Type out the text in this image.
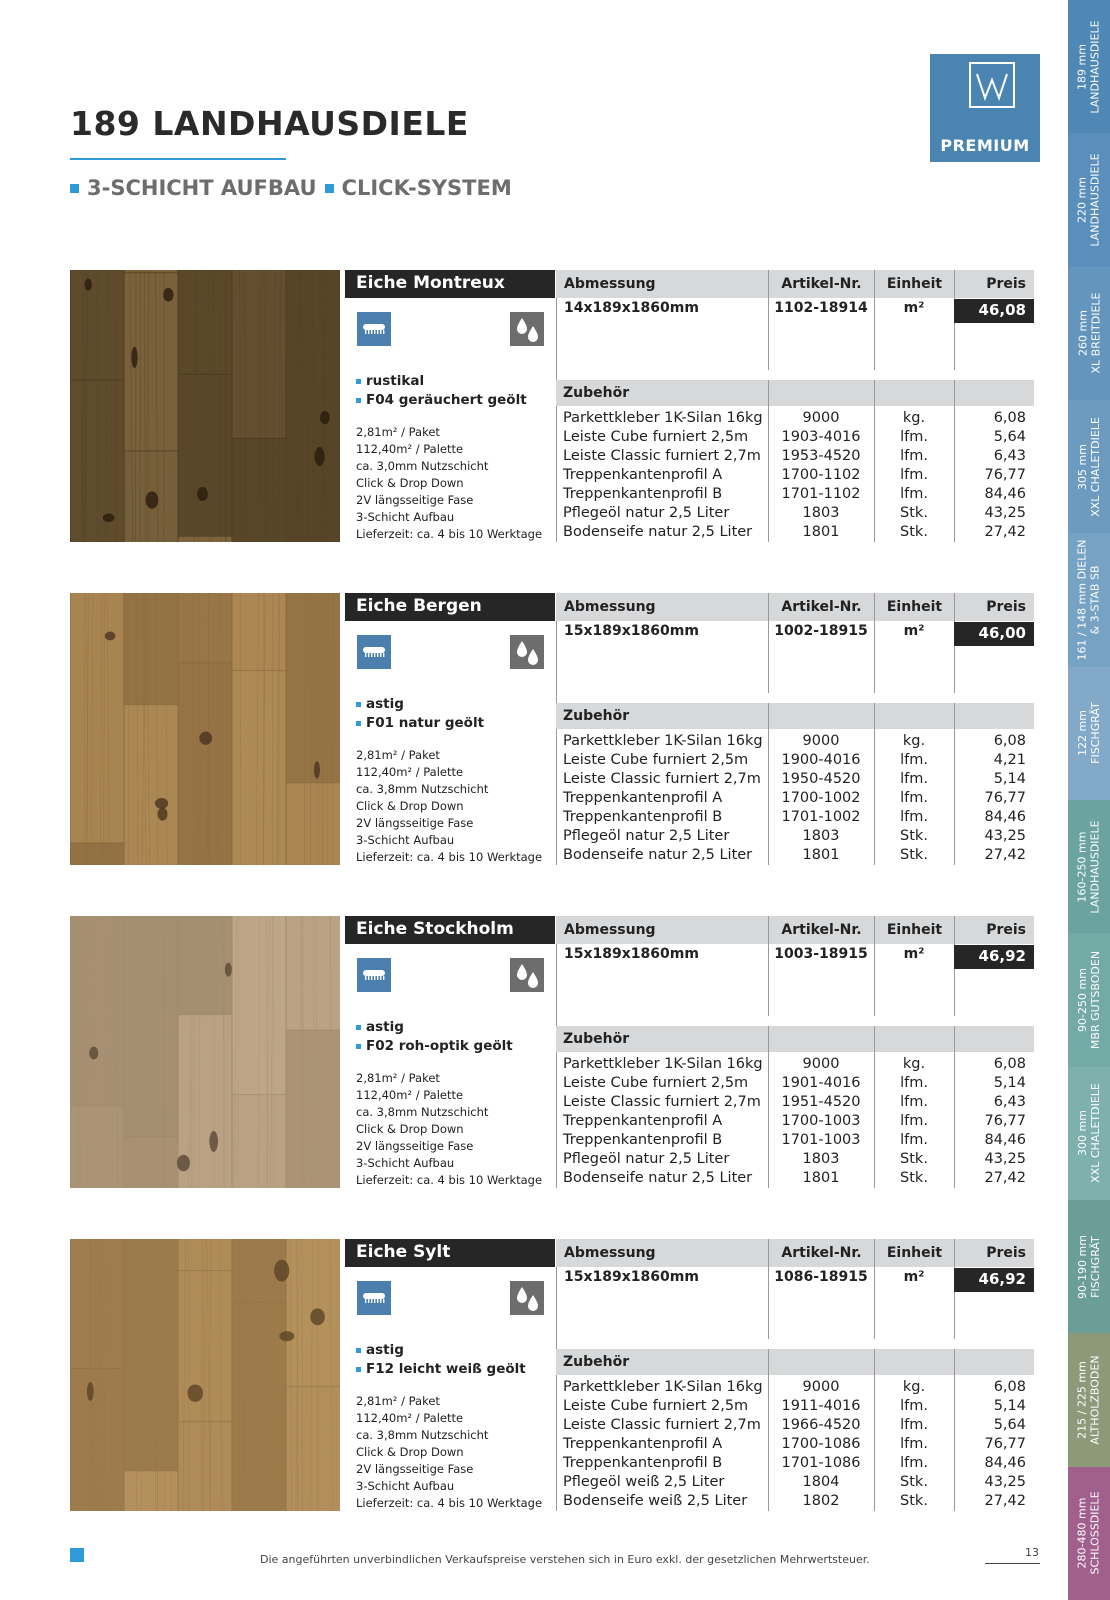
189 LANDHAUSDIELE
3-SCHICHT AUFBAU CLICK-SYSTEM
PREMIUM
189 mm LANDHAUSDIELE
220 mm LANDHAUSDIELE
260 mm XL BREITDIELE
305 mm XXL CHALETDIELE
161 / 148 mm DIELEN & 3-STAB SB
122 mm FISCHGRÄT
160-250 mm LANDHAUSDIELE
90-250 mm MBR GUTSBODEN
300 mm XXL CHALETDIELE
90-190 mm FISCHGRÄT
215 / 225 mm ALTHOLZBODEN
280-480 mm SCHLOSSDIELE
Eiche Montreux
rustikal
F04 geräuchert geölt
2,81m² / Paket
112,40m² / Palette
ca. 3,0mm Nutzschicht
Click & Drop Down
2V längsseitige Fase
3-Schicht Aufbau
Lieferzeit: ca. 4 bis 10 Werktage
Abmessung	Artikel-Nr.	Einheit	Preis
14x189x1860mm	1102-18914	m²	46,08
Zubehör
Parkettkleber 1K-Silan 16kg	9000	kg.	6,08
Leiste Cube furniert 2,5m	1903-4016	lfm.	5,64
Leiste Classic furniert 2,7m	1953-4520	lfm.	6,43
Treppenkantenprofil A	1700-1102	lfm.	76,77
Treppenkantenprofil B	1701-1102	lfm.	84,46
Pflegeöl natur 2,5 Liter	1803	Stk.	43,25
Bodenseife natur 2,5 Liter	1801	Stk.	27,42
Eiche Bergen
astig
F01 natur geölt
2,81m² / Paket
112,40m² / Palette
ca. 3,8mm Nutzschicht
Click & Drop Down
2V längsseitige Fase
3-Schicht Aufbau
Lieferzeit: ca. 4 bis 10 Werktage
Abmessung	Artikel-Nr.	Einheit	Preis
15x189x1860mm	1002-18915	m²	46,00
Zubehör
Parkettkleber 1K-Silan 16kg	9000	kg.	6,08
Leiste Cube furniert 2,5m	1900-4016	lfm.	4,21
Leiste Classic furniert 2,7m	1950-4520	lfm.	5,14
Treppenkantenprofil A	1700-1002	lfm.	76,77
Treppenkantenprofil B	1701-1002	lfm.	84,46
Pflegeöl natur 2,5 Liter	1803	Stk.	43,25
Bodenseife natur 2,5 Liter	1801	Stk.	27,42
Eiche Stockholm
astig
F02 roh-optik geölt
2,81m² / Paket
112,40m² / Palette
ca. 3,8mm Nutzschicht
Click & Drop Down
2V längsseitige Fase
3-Schicht Aufbau
Lieferzeit: ca. 4 bis 10 Werktage
Abmessung	Artikel-Nr.	Einheit	Preis
15x189x1860mm	1003-18915	m²	46,92
Zubehör
Parkettkleber 1K-Silan 16kg	9000	kg.	6,08
Leiste Cube furniert 2,5m	1901-4016	lfm.	5,14
Leiste Classic furniert 2,7m	1951-4520	lfm.	6,43
Treppenkantenprofil A	1700-1003	lfm.	76,77
Treppenkantenprofil B	1701-1003	lfm.	84,46
Pflegeöl natur 2,5 Liter	1803	Stk.	43,25
Bodenseife natur 2,5 Liter	1801	Stk.	27,42
Eiche Sylt
astig
F12 leicht weiß geölt
2,81m² / Paket
112,40m² / Palette
ca. 3,8mm Nutzschicht
Click & Drop Down
2V längsseitige Fase
3-Schicht Aufbau
Lieferzeit: ca. 4 bis 10 Werktage
Abmessung	Artikel-Nr.	Einheit	Preis
15x189x1860mm	1086-18915	m²	46,92
Zubehör
Parkettkleber 1K-Silan 16kg	9000	kg.	6,08
Leiste Cube furniert 2,5m	1911-4016	lfm.	5,14
Leiste Classic furniert 2,7m	1966-4520	lfm.	5,64
Treppenkantenprofil A	1700-1086	lfm.	76,77
Treppenkantenprofil B	1701-1086	lfm.	84,46
Pflegeöl weiß 2,5 Liter	1804	Stk.	43,25
Bodenseife weiß 2,5 Liter	1802	Stk.	27,42
Die angeführten unverbindlichen Verkaufspreise verstehen sich in Euro exkl. der gesetzlichen Mehrwertsteuer.
13
